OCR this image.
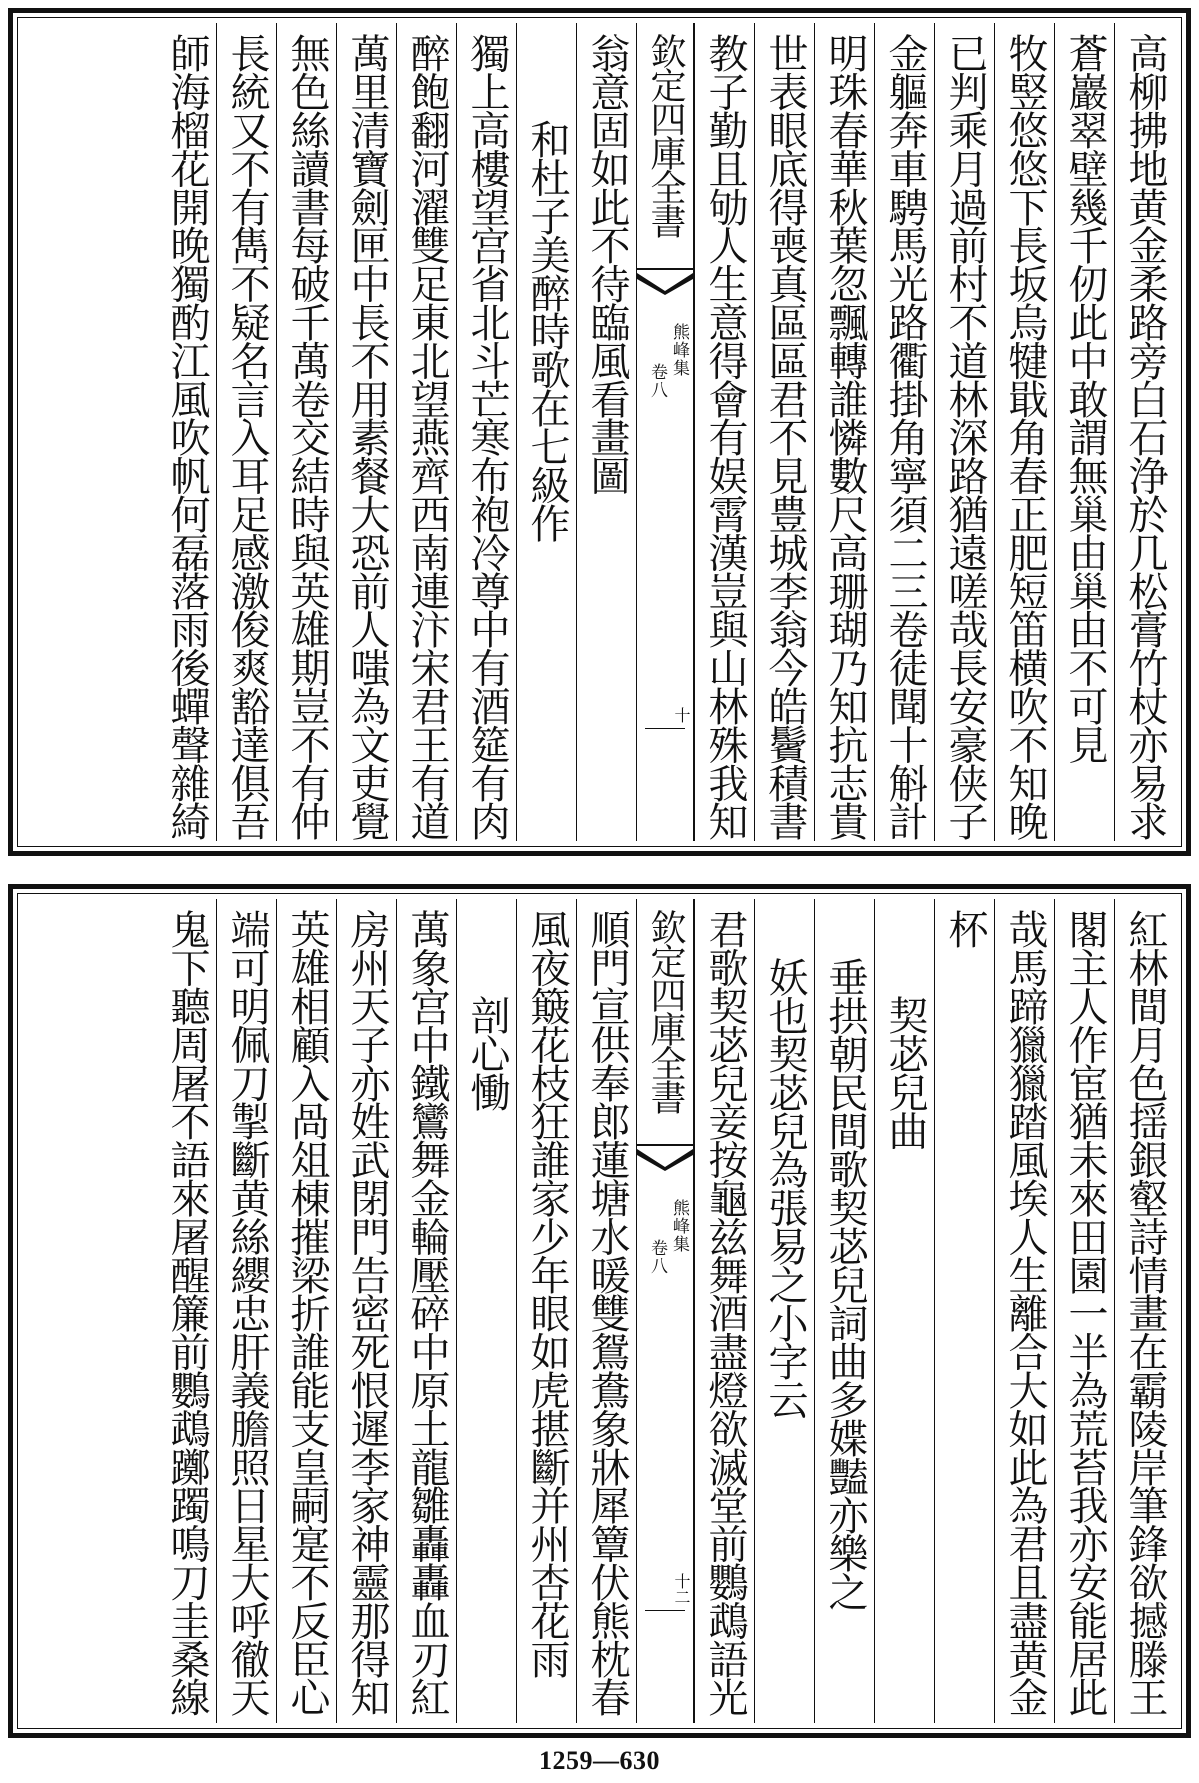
高柳拂地黄金柔路旁白石浄於几松膏竹杖亦易求
蒼巖翠壁幾千仞此中敢謂無巢由巢由不可見
牧竪悠悠下長坂烏犍戢角春正肥短笛横吹不知晚
已判乘月過前村不道林深路猶遠嗟哉長安豪侠子
金軀奔車騁馬光路衢掛角寧須二三卷徒聞十斛計
明珠春華秋葉忽飄轉誰憐數尺高珊瑚乃知抗志貴
世表眼底得喪真區區君不見豊城李翁今皓鬢積書
教子勤且劬人生意得會有娱霄漢豈與山林殊我知
欽定四庫全書
熊峰集
卷八
十
翁意固如此不待臨風看畫圖
和杜子美醉時歌在七級作
獨上高樓望宫省北斗芒寒布袍冷尊中有酒筵有肉
醉飽翻河濯雙足東北望燕齊西南連汴宋君王有道
萬里清寶劍匣中長不用素餐大恐前人嗤為文吏覺
無色絲讀書每破千萬卷交結時與英雄期豈不有仲
長統又不有雋不疑名言入耳足感激俊爽豁達俱吾
師海榴花開晚獨酌江風吹帆何磊落雨後蟬聲雜綺
紅林間月色揺銀壑詩情畫在霸陵岸筆鋒欲撼滕王
閣主人作宦猶未來田園一半為荒苔我亦安能居此
哉馬蹄獵獵踏風埃人生離合大如此為君且盡黄金
杯
契苾兒曲
垂拱朝民間歌契苾兒詞曲多媟豔亦樂之
妖也契苾兒為張易之小字云
君歌契苾兒妾按龜兹舞酒盡燈欲滅堂前鸚鵡語光
欽定四庫全書
熊峰集
卷八
十二
順門宣供奉郎蓮塘水暖雙鴛鴦象牀犀簟伏熊枕春
風夜簸花枝狂誰家少年眼如虎揕斷并州杏花雨
剖心慟
萬象宫中鐵鸞舞金輪壓碎中原土龍雛轟轟血刃紅
房州天子亦姓武閉門告密死恨遲李家神靈那得知
英雄相顧入咼俎棟摧梁折誰能支皇嗣寔不反臣心
端可明佩刀掣斷黄絲纓忠肝義膽照日星大呼徹天
鬼下聽周屠不語來屠醒簾前鸚鵡躑躅鳴刀圭桑線
1259—630
